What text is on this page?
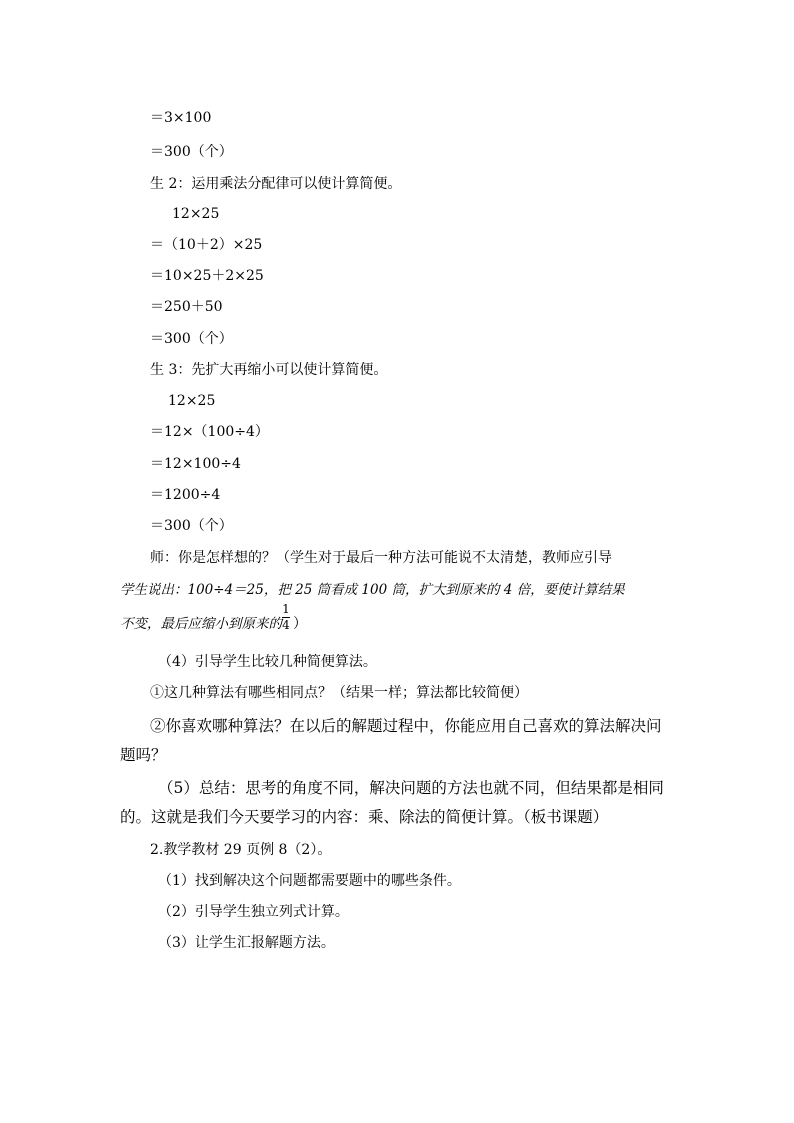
＝3×100
＝300（个）
生 2：运用乘法分配律可以使计算简便。
12×25
＝（10＋2）×25
＝10×25＋2×25
＝250＋50
＝300（个）
生 3：先扩大再缩小可以使计算简便。
12×25
＝12×（100÷4）
＝12×100÷4
＝1200÷4
＝300（个）
师：你是怎样想的？（学生对于最后一种方法可能说不太清楚，教师应引导
学生说出：100÷4＝25，把 25 筒看成 100 筒，扩大到原来的 4 倍，要使计算结果
不变，最后应缩小到原来的
1
4 ）
（4）引导学生比较几种简便算法。
①这几种算法有哪些相同点？（结果一样；算法都比较简便）
②你喜欢哪种算法？在以后的解题过程中，你能应用自己喜欢的算法解决问
题吗？
（5）总结：思考的角度不同，解决问题的方法也就不同，但结果都是相同
的。这就是我们今天要学习的内容：乘、除法的简便计算。（板书课题）
2.教学教材 29 页例 8（2）。
（1）找到解决这个问题都需要题中的哪些条件。
（2）引导学生独立列式计算。
（3）让学生汇报解题方法。
